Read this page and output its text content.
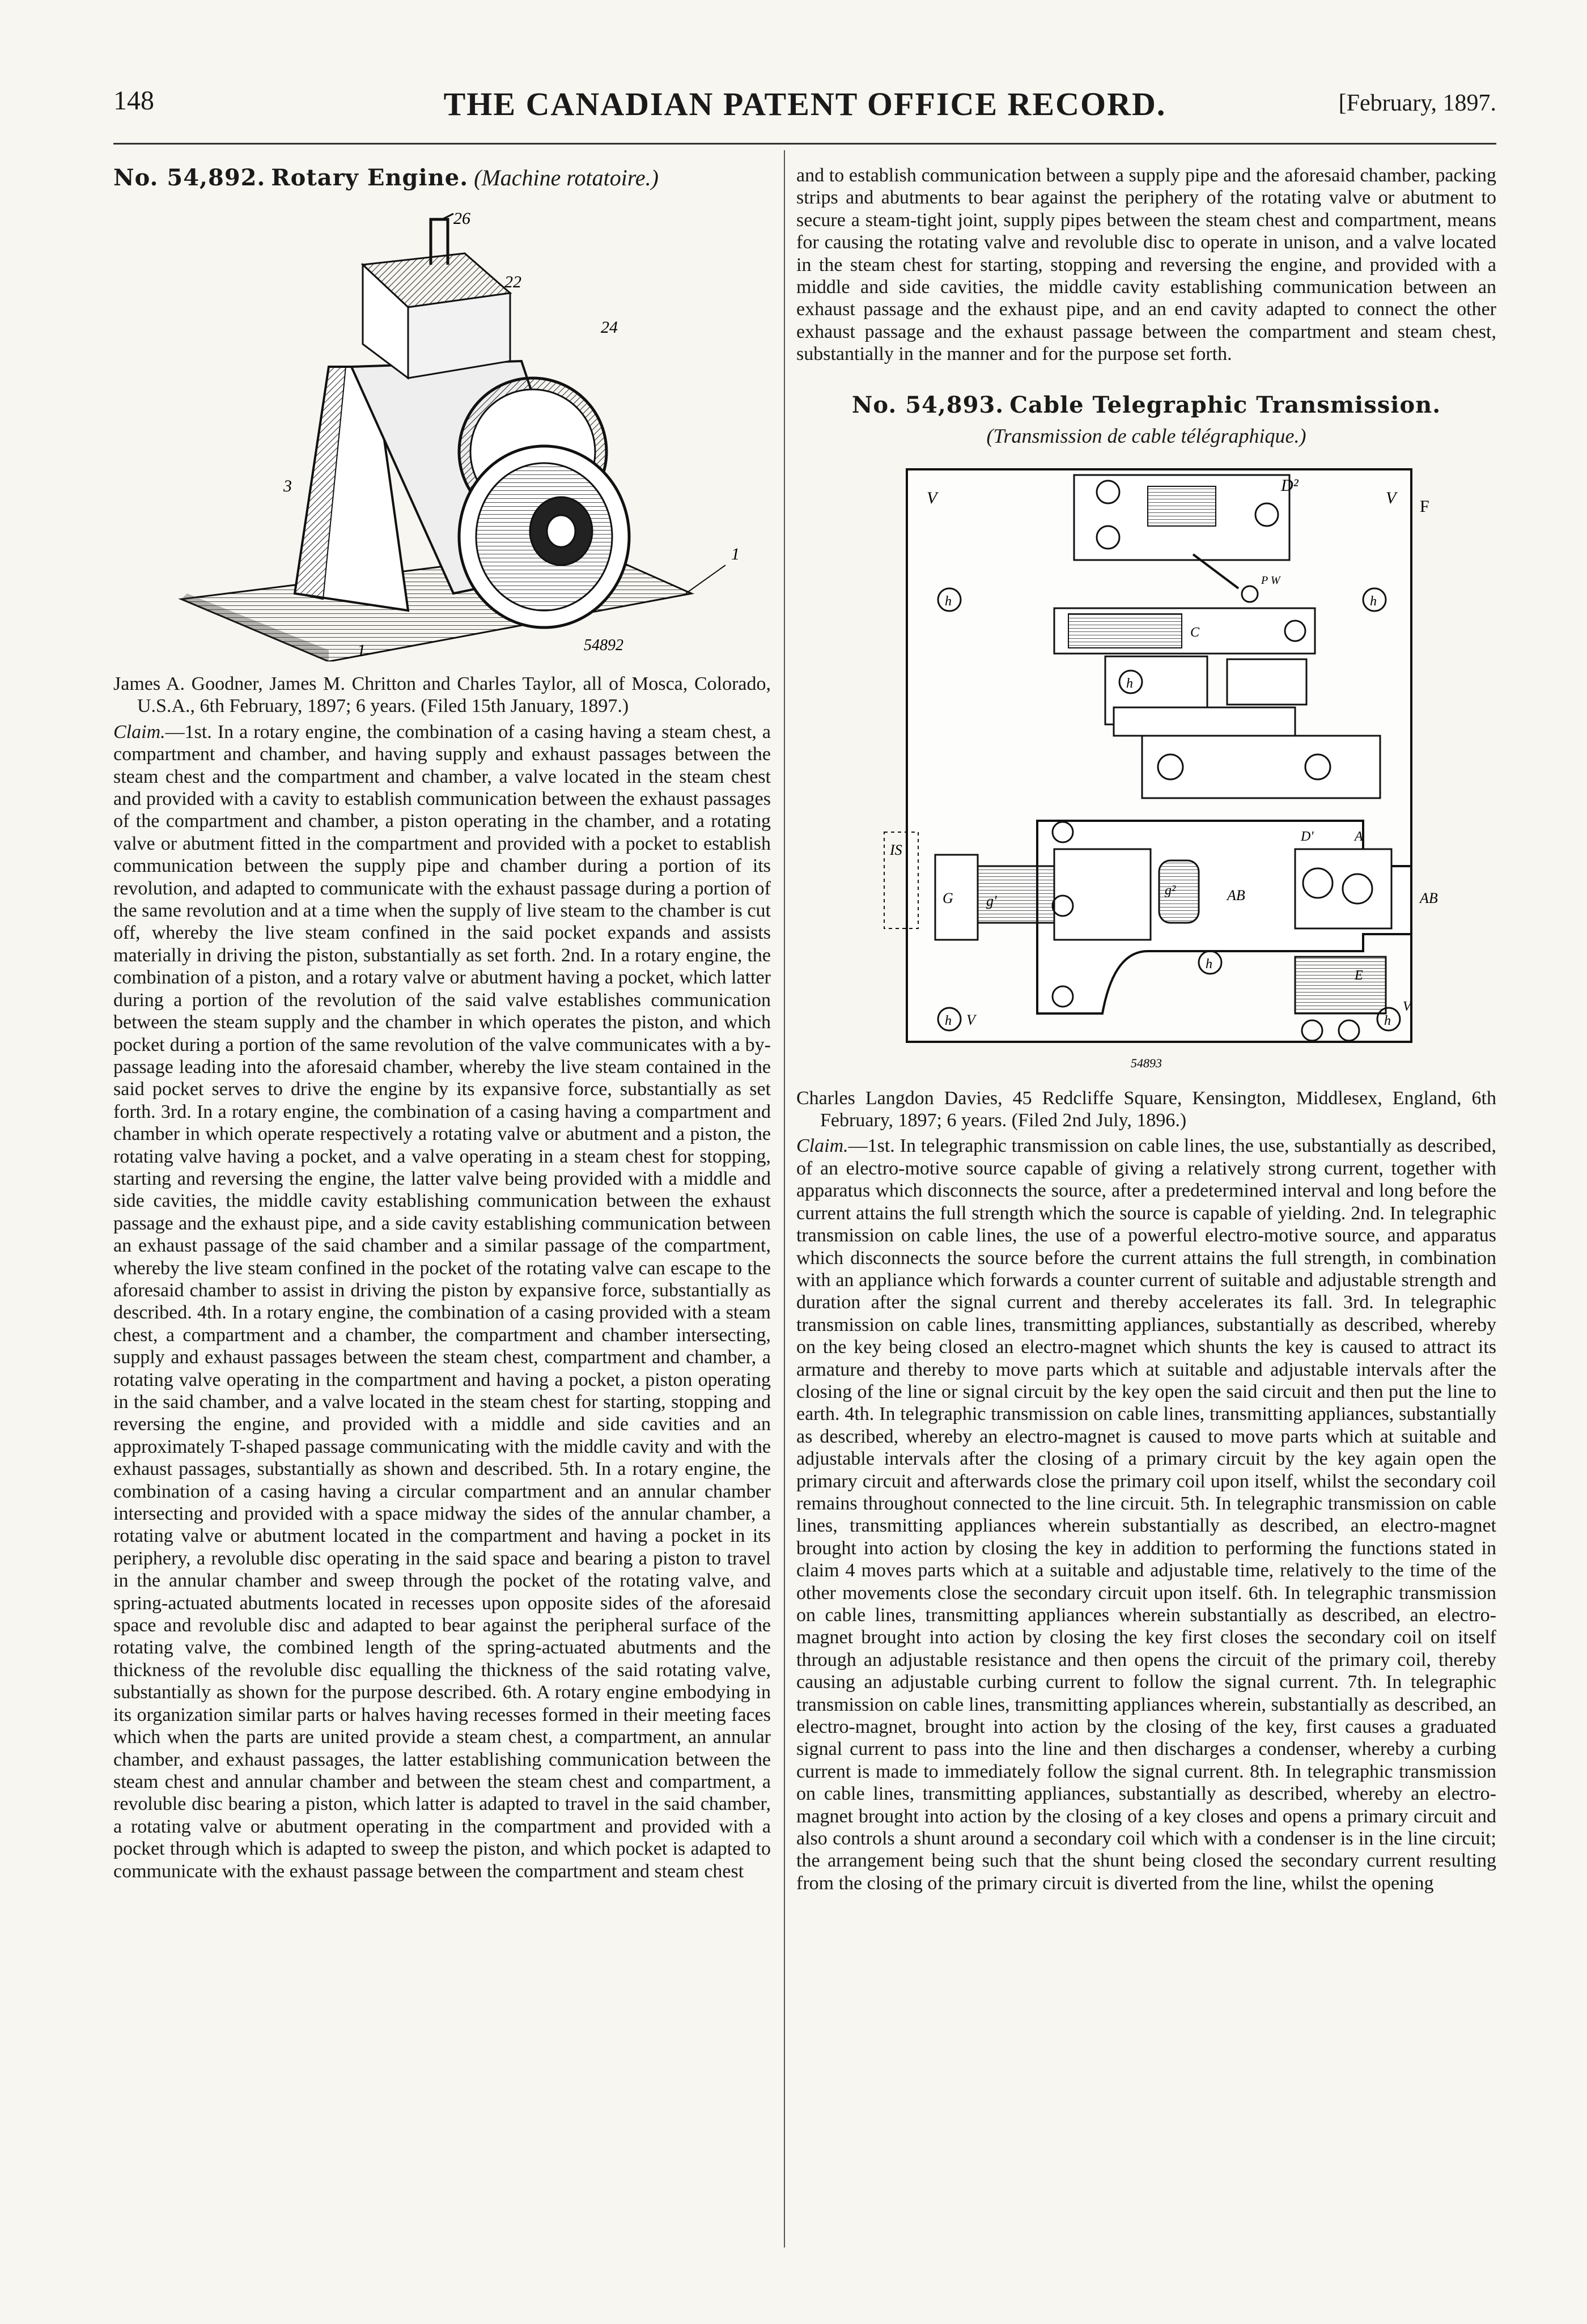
148	THE CANADIAN PATENT OFFICE RECORD.	[February, 1897.
No. 54,892. Rotary Engine. (Machine rotatoire.)
26
22
24
3
1
1	54892

James A. Goodner, James M. Chritton and Charles Taylor, all of Mosca, Colorado, U.S.A., 6th February, 1897; 6 years. (Filed 15th January, 1897.)

Claim.—1st. In a rotary engine, the combination of a casing having a steam chest, a compartment and chamber, and having supply and exhaust passages between the steam chest and the compartment and chamber, a valve located in the steam chest and provided with a cavity to establish communication between the exhaust passages of the compartment and chamber, a piston operating in the chamber, and a rotating valve or abutment fitted in the compartment and provided with a pocket to establish communication between the supply pipe and chamber during a portion of its revolution, and adapted to communicate with the exhaust passage during a portion of the same revolution and at a time when the supply of live steam to the chamber is cut off, whereby the live steam confined in the said pocket expands and assists materially in driving the piston, substantially as set forth. 2nd. In a rotary engine, the combination of a piston, and a rotary valve or abutment having a pocket, which latter during a portion of the revolution of the said valve establishes communication between the steam supply and the chamber in which operates the piston, and which pocket during a portion of the same revolution of the valve communicates with a by-passage leading into the aforesaid chamber, whereby the live steam contained in the said pocket serves to drive the engine by its expansive force, substantially as set forth. 3rd. In a rotary engine, the combination of a casing having a compartment and chamber in which operate respectively a rotating valve or abutment and a piston, the rotating valve having a pocket, and a valve operating in a steam chest for stopping, starting and reversing the engine, the latter valve being provided with a middle and side cavities, the middle cavity establishing communication between the exhaust passage and the exhaust pipe, and a side cavity establishing communication between an exhaust passage of the said chamber and a similar passage of the compartment, whereby the live steam confined in the pocket of the rotating valve can escape to the aforesaid chamber to assist in driving the piston by expansive force, substantially as described. 4th. In a rotary engine, the combination of a casing provided with a steam chest, a compartment and a chamber, the compartment and chamber intersecting, supply and exhaust passages between the steam chest, compartment and chamber, a rotating valve operating in the compartment and having a pocket, a piston operating in the said chamber, and a valve located in the steam chest for starting, stopping and reversing the engine, and provided with a middle and side cavities and an approximately T-shaped passage communicating with the middle cavity and with the exhaust passages, substantially as shown and described. 5th. In a rotary engine, the combination of a casing having a circular compartment and an annular chamber intersecting and provided with a space midway the sides of the annular chamber, a rotating valve or abutment located in the compartment and having a pocket in its periphery, a revoluble disc operating in the said space and bearing a piston to travel in the annular chamber and sweep through the pocket of the rotating valve, and spring-actuated abutments located in recesses upon opposite sides of the aforesaid space and revoluble disc and adapted to bear against the peripheral surface of the rotating valve, the combined length of the spring-actuated abutments and the thickness of the revoluble disc equalling the thickness of the said rotating valve, substantially as shown for the purpose described. 6th. A rotary engine embodying in its organization similar parts or halves having recesses formed in their meeting faces which when the parts are united provide a steam chest, a compartment, an annular chamber, and exhaust passages, the latter establishing communication between the steam chest and annular chamber and between the steam chest and compartment, a revoluble disc bearing a piston, which latter is adapted to travel in the said chamber, a rotating valve or abutment operating in the compartment and provided with a pocket through which is adapted to sweep the piston, and which pocket is adapted to communicate with the exhaust passage between the compartment and steam chest

and to establish communication between a supply pipe and the aforesaid chamber, packing strips and abutments to bear against the periphery of the rotating valve or abutment to secure a steam-tight joint, supply pipes between the steam chest and compartment, means for causing the rotating valve and revoluble disc to operate in unison, and a valve located in the steam chest for starting, stopping and reversing the engine, and provided with a middle and side cavities, the middle cavity establishing communication between an exhaust passage and the exhaust pipe, and an end cavity adapted to connect the other exhaust passage and the exhaust passage between the compartment and steam chest, substantially in the manner and for the purpose set forth.

No. 54,893. Cable Telegraphic Transmission.
(Transmission de cable télégraphique.)
V
D²
V F
P W
h	h
C
h
IS
G g'
g²
D'	A
AB	AB
E
h
h V	h
V
54893

Charles Langdon Davies, 45 Redcliffe Square, Kensington, Middlesex, England, 6th February, 1897; 6 years. (Filed 2nd July, 1896.)

Claim.—1st. In telegraphic transmission on cable lines, the use, substantially as described, of an electro-motive source capable of giving a relatively strong current, together with apparatus which disconnects the source, after a predetermined interval and long before the current attains the full strength which the source is capable of yielding. 2nd. In telegraphic transmission on cable lines, the use of a powerful electro-motive source, and apparatus which disconnects the source before the current attains the full strength, in combination with an appliance which forwards a counter current of suitable and adjustable strength and duration after the signal current and thereby accelerates its fall. 3rd. In telegraphic transmission on cable lines, transmitting appliances, substantially as described, whereby on the key being closed an electro-magnet which shunts the key is caused to attract its armature and thereby to move parts which at suitable and adjustable intervals after the closing of the line or signal circuit by the key open the said circuit and then put the line to earth. 4th. In telegraphic transmission on cable lines, transmitting appliances, substantially as described, whereby an electro-magnet is caused to move parts which at suitable and adjustable intervals after the closing of a primary circuit by the key again open the primary circuit and afterwards close the primary coil upon itself, whilst the secondary coil remains throughout connected to the line circuit. 5th. In telegraphic transmission on cable lines, transmitting appliances wherein substantially as described, an electro-magnet brought into action by closing the key in addition to performing the functions stated in claim 4 moves parts which at a suitable and adjustable time, relatively to the time of the other movements close the secondary circuit upon itself. 6th. In telegraphic transmission on cable lines, transmitting appliances wherein substantially as described, an electro-magnet brought into action by closing the key first closes the secondary coil on itself through an adjustable resistance and then opens the circuit of the primary coil, thereby causing an adjustable curbing current to follow the signal current. 7th. In telegraphic transmission on cable lines, transmitting appliances wherein, substantially as described, an electro-magnet, brought into action by the closing of the key, first causes a graduated signal current to pass into the line and then discharges a condenser, whereby a curbing current is made to immediately follow the signal current. 8th. In telegraphic transmission on cable lines, transmitting appliances, substantially as described, whereby an electro-magnet brought into action by the closing of a key closes and opens a primary circuit and also controls a shunt around a secondary coil which with a condenser is in the line circuit; the arrangement being such that the shunt being closed the secondary current resulting from the closing of the primary circuit is diverted from the line, whilst the opening
